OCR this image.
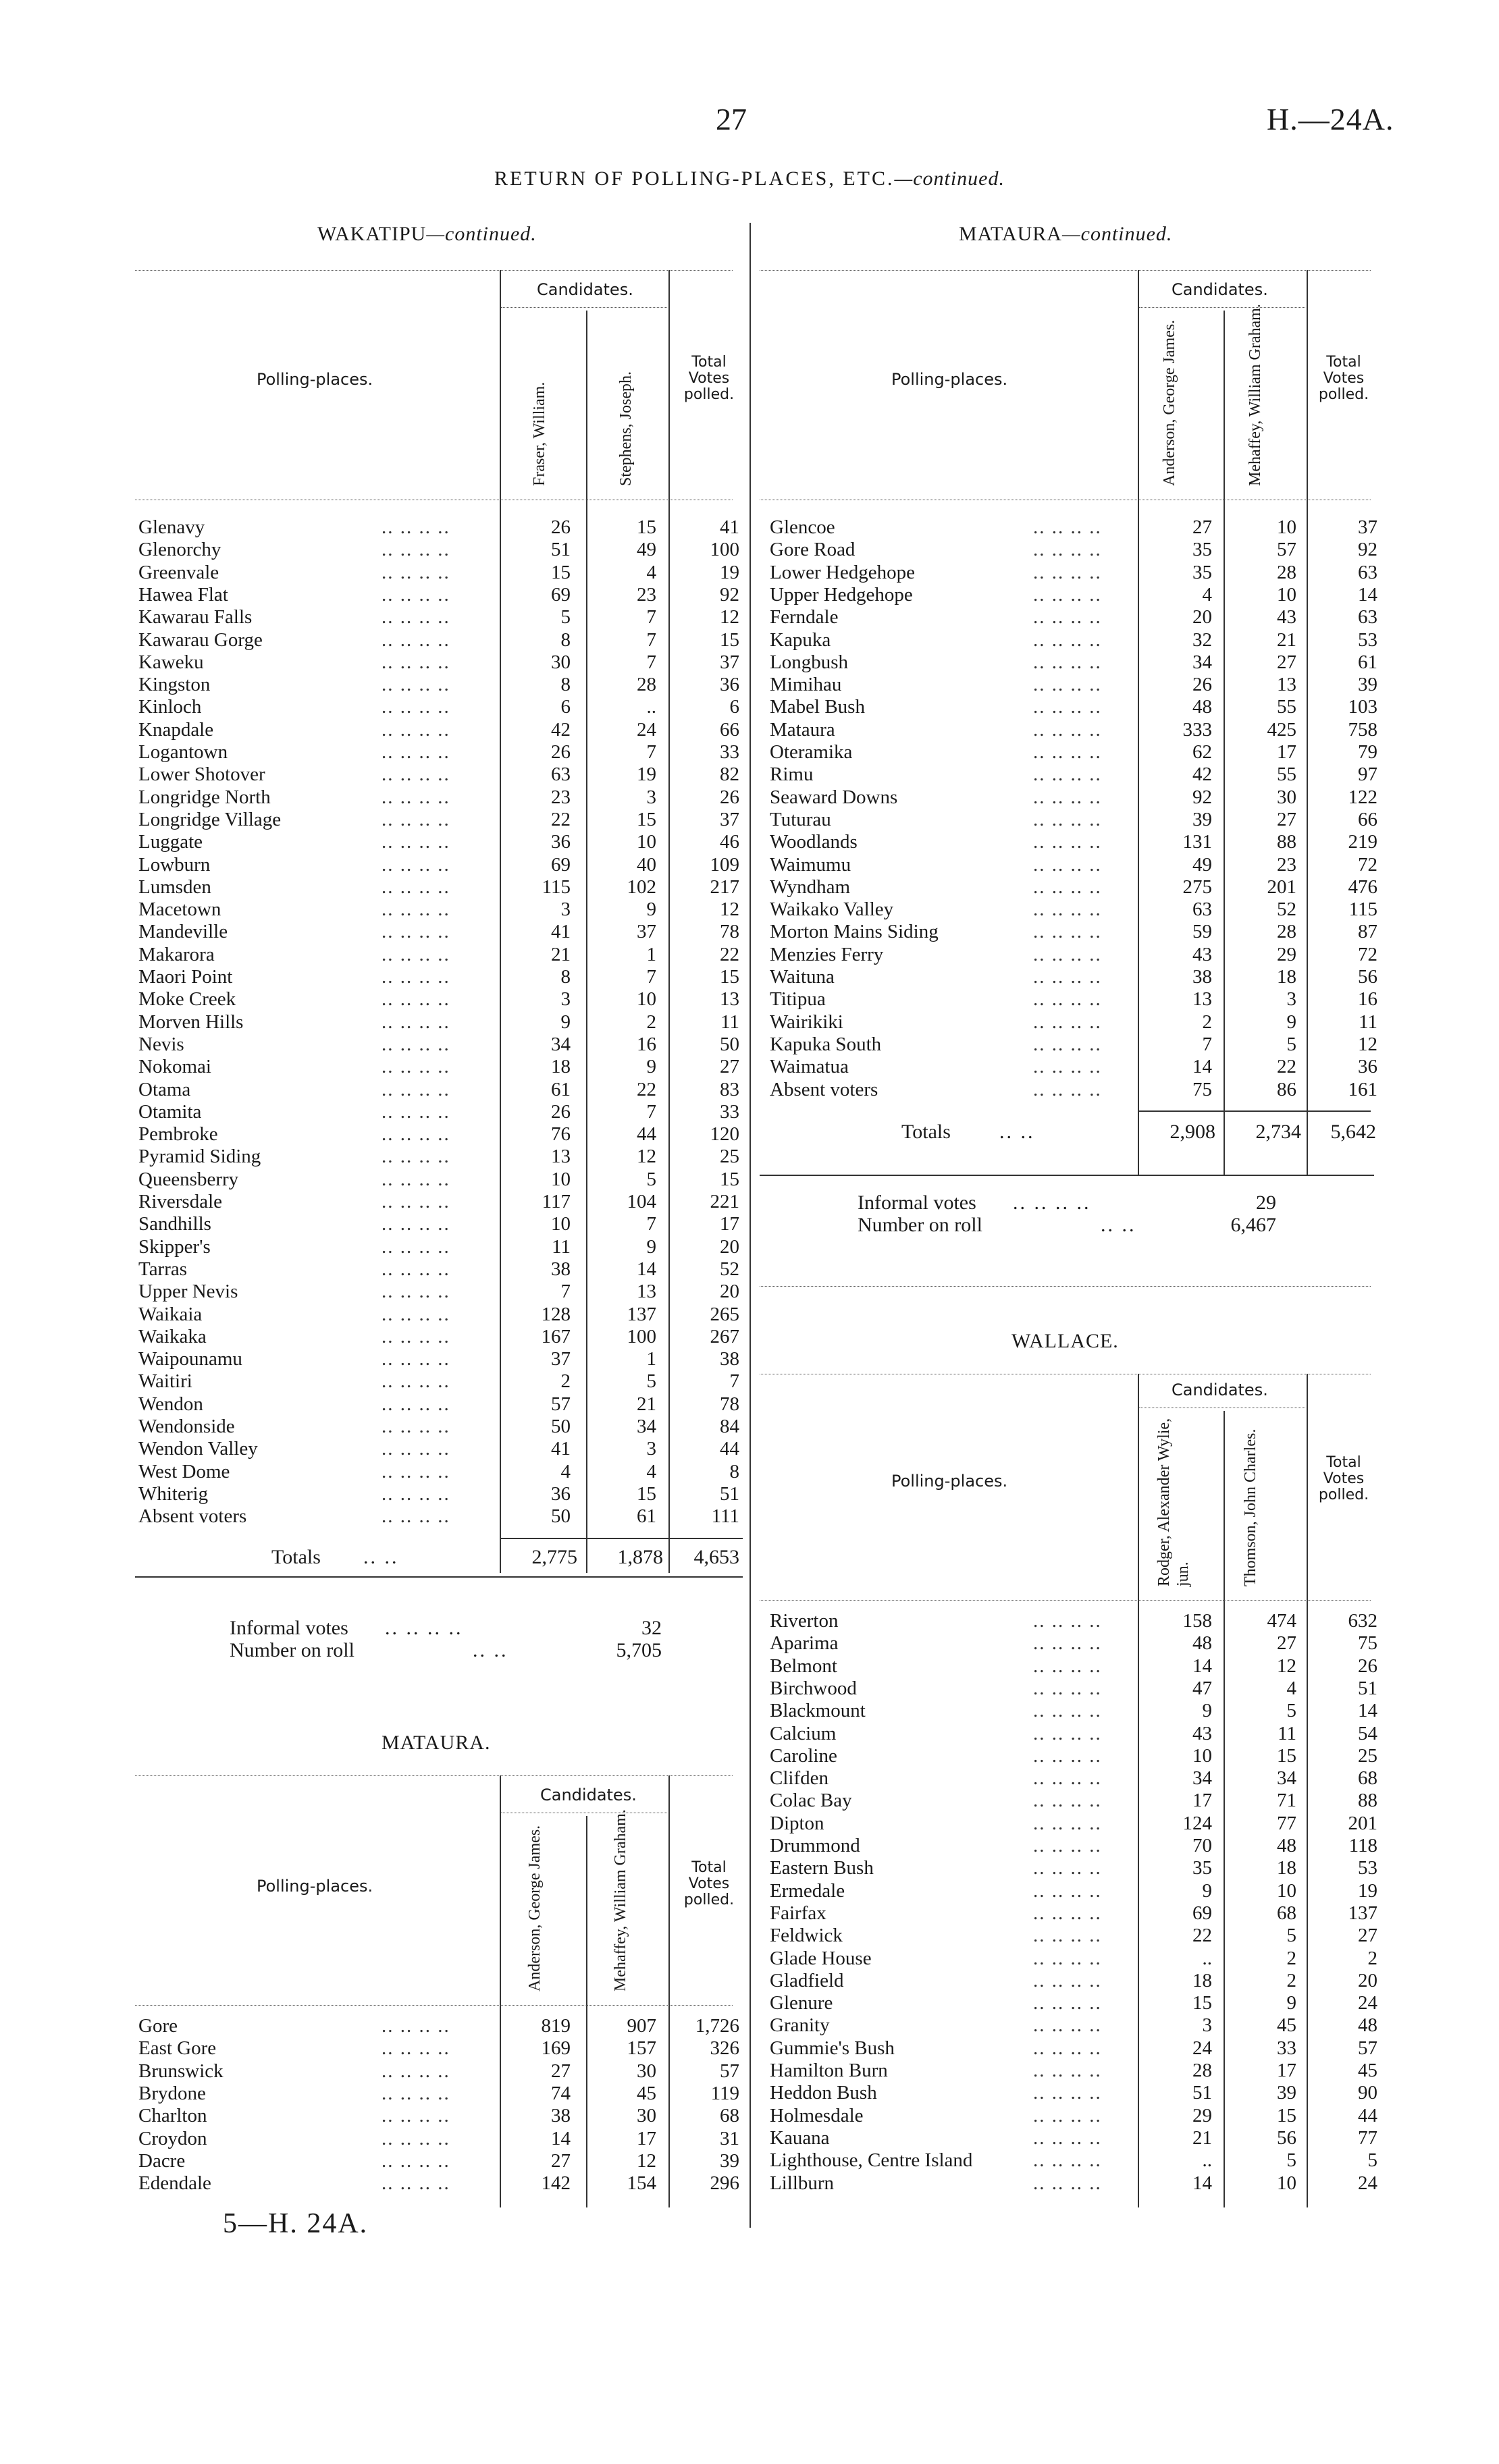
27	H.—24A.
RETURN OF POLLING-PLACES, ETC.—continued.
WAKATIPU—continued.
Candidates.
Polling-places.
Fraser, William.	Stephens, Joseph.
Total Votes polled.
Glenavy	.. .. .. ..	26	15	41
Glenorchy	.. .. .. ..	51	49	100
Greenvale	.. .. .. ..	15	4	19
Hawea Flat	.. .. .. ..	69	23	92
Kawarau Falls	.. .. .. ..	5	7	12
Kawarau Gorge	.. .. .. ..	8	7	15
Kaweku	.. .. .. ..	30	7	37
Kingston	.. .. .. ..	8	28	36
Kinloch	.. .. .. ..	6	..	6
Knapdale	.. .. .. ..	42	24	66
Logantown	.. .. .. ..	26	7	33
Lower Shotover	.. .. .. ..	63	19	82
Longridge North	.. .. .. ..	23	3	26
Longridge Village	.. .. .. ..	22	15	37
Luggate	.. .. .. ..	36	10	46
Lowburn	.. .. .. ..	69	40	109
Lumsden	.. .. .. ..	115	102	217
Macetown	.. .. .. ..	3	9	12
Mandeville	.. .. .. ..	41	37	78
Makarora	.. .. .. ..	21	1	22
Maori Point	.. .. .. ..	8	7	15
Moke Creek	.. .. .. ..	3	10	13
Morven Hills	.. .. .. ..	9	2	11
Nevis	.. .. .. ..	34	16	50
Nokomai	.. .. .. ..	18	9	27
Otama	.. .. .. ..	61	22	83
Otamita	.. .. .. ..	26	7	33
Pembroke	.. .. .. ..	76	44	120
Pyramid Siding	.. .. .. ..	13	12	25
Queensberry	.. .. .. ..	10	5	15
Riversdale	.. .. .. ..	117	104	221
Sandhills	.. .. .. ..	10	7	17
Skipper's	.. .. .. ..	11	9	20
Tarras	.. .. .. ..	38	14	52
Upper Nevis	.. .. .. ..	7	13	20
Waikaia	.. .. .. ..	128	137	265
Waikaka	.. .. .. ..	167	100	267
Waipounamu	.. .. .. ..	37	1	38
Waitiri	.. .. .. ..	2	5	7
Wendon	.. .. .. ..	57	21	78
Wendonside	.. .. .. ..	50	34	84
Wendon Valley	.. .. .. ..	41	3	44
West Dome	.. .. .. ..	4	4	8
Whiterig	.. .. .. ..	36	15	51
Absent voters	.. .. .. ..	50	61	111
Totals .. ..	2,775	1,878	4,653
Informal votes .. .. .. ..	32
Number on roll	.. ..	5,705
MATAURA.
Candidates.
Polling-places.	Anderson, George James.	Mehaffey, William Graham.	Total Votes polled.
Gore	.. .. .. ..	819	907	1,726
East Gore	.. .. .. ..	169	157	326
Brunswick	.. .. .. ..	27	30	57
Brydone	.. .. .. ..	74	45	119
Charlton	.. .. .. ..	38	30	68
Croydon	.. .. .. ..	14	17	31
Dacre	.. .. .. ..	27	12	39
Edendale	.. .. .. ..	142	154	296
5—H. 24A.
MATAURA—continued.
Candidates.
Polling-places.	Anderson, George James.	Mehaffey, William Graham.	Total Votes polled.
Glencoe	.. .. .. ..	27	10	37
Gore Road	.. .. .. ..	35	57	92
Lower Hedgehope	.. .. .. ..	35	28	63
Upper Hedgehope	.. .. .. ..	4	10	14
Ferndale	.. .. .. ..	20	43	63
Kapuka	.. .. .. ..	32	21	53
Longbush	.. .. .. ..	34	27	61
Mimihau	.. .. .. ..	26	13	39
Mabel Bush	.. .. .. ..	48	55	103
Mataura	.. .. .. ..	333	425	758
Oteramika	.. .. .. ..	62	17	79
Rimu	.. .. .. ..	42	55	97
Seaward Downs	.. .. .. ..	92	30	122
Tuturau	.. .. .. ..	39	27	66
Woodlands	.. .. .. ..	131	88	219
Waimumu	.. .. .. ..	49	23	72
Wyndham	.. .. .. ..	275	201	476
Waikako Valley	.. .. .. ..	63	52	115
Morton Mains Siding	.. .. .. ..	59	28	87
Menzies Ferry	.. .. .. ..	43	29	72
Waituna	.. .. .. ..	38	18	56
Titipua	.. .. .. ..	13	3	16
Wairikiki	.. .. .. ..	2	9	11
Kapuka South	.. .. .. ..	7	5	12
Waimatua	.. .. .. ..	14	22	36
Absent voters	.. .. .. ..	75	86	161
Totals .. ..	2,908	2,734	5,642
Informal votes .. .. .. ..	29
Number on roll	.. ..	6,467
WALLACE.
Candidates.
Polling-places.	Rodger, Alexander Wylie, jun.	Thomson, John Charles.	Total Votes polled.
Riverton	.. .. .. ..	158	474	632
Aparima	.. .. .. ..	48	27	75
Belmont	.. .. .. ..	14	12	26
Birchwood	.. .. .. ..	47	4	51
Blackmount	.. .. .. ..	9	5	14
Calcium	.. .. .. ..	43	11	54
Caroline	.. .. .. ..	10	15	25
Clifden	.. .. .. ..	34	34	68
Colac Bay	.. .. .. ..	17	71	88
Dipton	.. .. .. ..	124	77	201
Drummond	.. .. .. ..	70	48	118
Eastern Bush	.. .. .. ..	35	18	53
Ermedale	.. .. .. ..	9	10	19
Fairfax	.. .. .. ..	69	68	137
Feldwick	.. .. .. ..	22	5	27
Glade House	.. .. .. ..	..	2	2
Gladfield	.. .. .. ..	18	2	20
Glenure	.. .. .. ..	15	9	24
Granity	.. .. .. ..	3	45	48
Gummie's Bush	.. .. .. ..	24	33	57
Hamilton Burn	.. .. .. ..	28	17	45
Heddon Bush	.. .. .. ..	51	39	90
Holmesdale	.. .. .. ..	29	15	44
Kauana	.. .. .. ..	21	56	77
Lighthouse, Centre Island	.. .. .. ..	..	5	5
Lillburn	.. .. .. ..	14	10	24
